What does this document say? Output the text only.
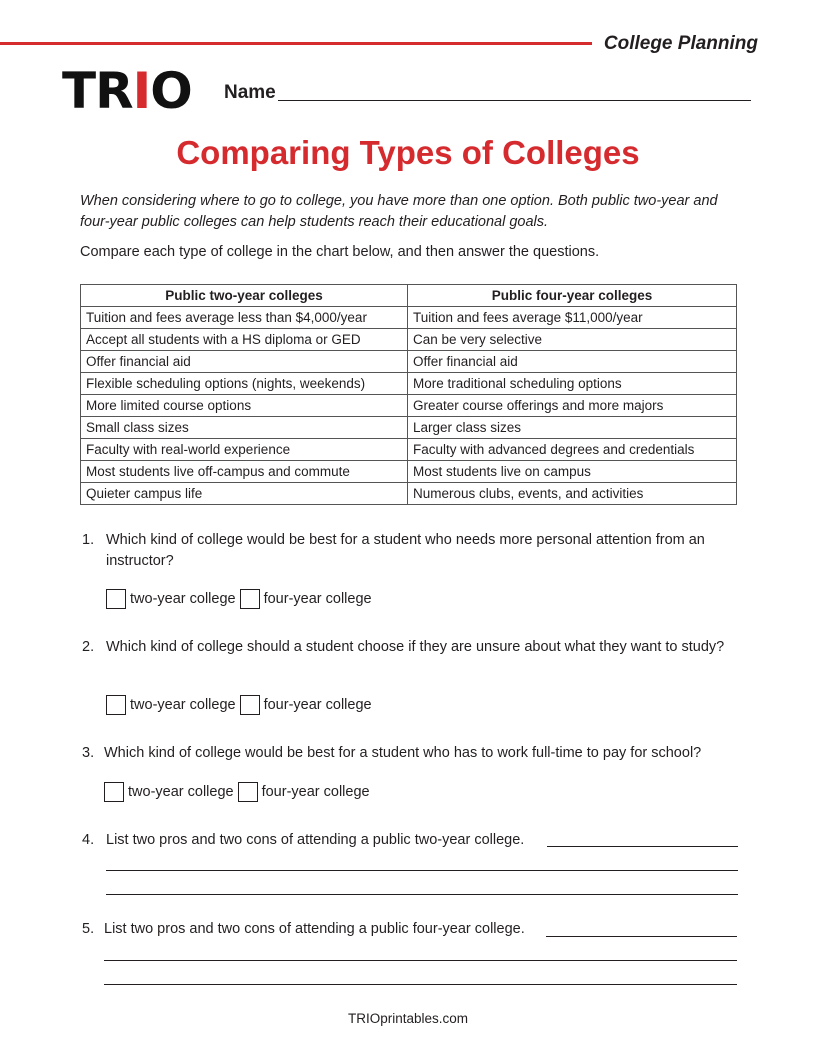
College Planning
TRIO Name
Comparing Types of Colleges
When considering where to go to college, you have more than one option. Both public two-year and four-year public colleges can help students reach their educational goals.
Compare each type of college in the chart below, and then answer the questions.
Public two-year colleges	Public four-year colleges
Tuition and fees average less than $4,000/year	Tuition and fees average $11,000/year
Accept all students with a HS diploma or GED	Can be very selective
Offer financial aid	Offer financial aid
Flexible scheduling options (nights, weekends)	More traditional scheduling options
More limited course options	Greater course offerings and more majors
Small class sizes	Larger class sizes
Faculty with real-world experience	Faculty with advanced degrees and credentials
Most students live off-campus and commute	Most students live on campus
Quieter campus life	Numerous clubs, events, and activities
1. Which kind of college would be best for a student who needs more personal attention from an instructor?
two-year college four-year college
2. Which kind of college should a student choose if they are unsure about what they want to study?
two-year college four-year college
3. Which kind of college would be best for a student who has to work full-time to pay for school?
two-year college four-year college
4. List two pros and two cons of attending a public two-year college.
5. List two pros and two cons of attending a public four-year college.
TRIOprintables.com
